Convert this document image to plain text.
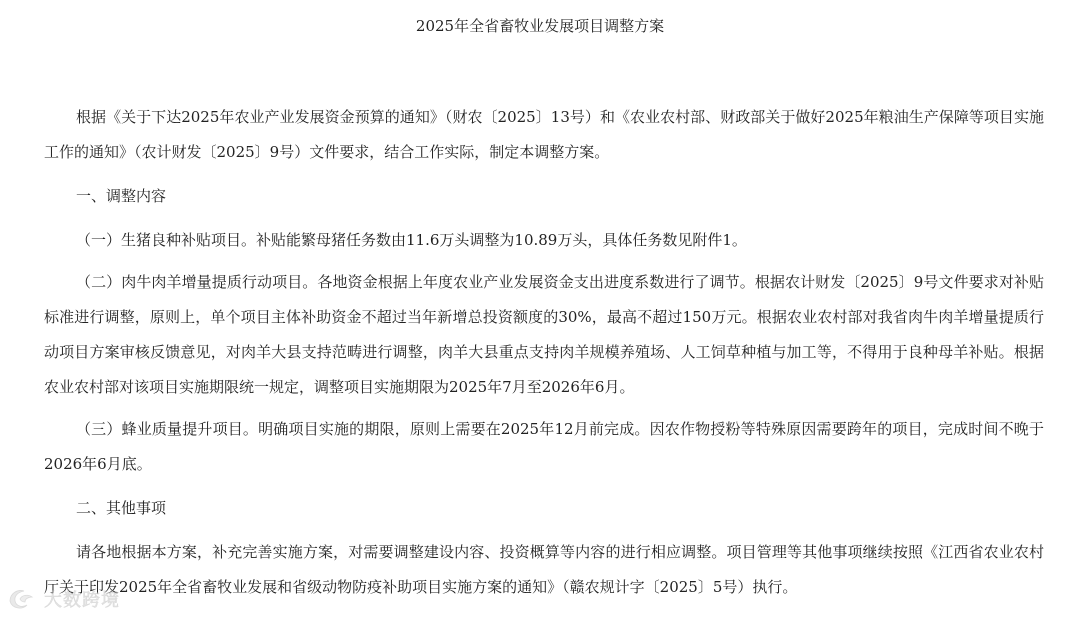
2025年全省畜牧业发展项目调整方案

根据《关于下达2025年农业产业发展资金预算的通知》（财农〔2025〕13号）和《农业农村部、财政部关于做好2025年粮油生产保障等项目实施工作的通知》（农计财发〔2025〕9号）文件要求，结合工作实际，制定本调整方案。

一、调整内容

（一）生猪良种补贴项目。补贴能繁母猪任务数由11.6万头调整为10.89万头，具体任务数见附件1。

（二）肉牛肉羊增量提质行动项目。各地资金根据上年度农业产业发展资金支出进度系数进行了调节。根据农计财发〔2025〕9号文件要求对补贴标准进行调整，原则上，单个项目主体补助资金不超过当年新增总投资额度的30%，最高不超过150万元。根据农业农村部对我省肉牛肉羊增量提质行动项目方案审核反馈意见，对肉羊大县支持范畴进行调整，肉羊大县重点支持肉羊规模养殖场、人工饲草种植与加工等，不得用于良种母羊补贴。根据农业农村部对该项目实施期限统一规定，调整项目实施期限为2025年7月至2026年6月。

（三）蜂业质量提升项目。明确项目实施的期限，原则上需要在2025年12月前完成。因农作物授粉等特殊原因需要跨年的项目，完成时间不晚于2026年6月底。

二、其他事项

请各地根据本方案，补充完善实施方案，对需要调整建设内容、投资概算等内容的进行相应调整。项目管理等其他事项继续按照《江西省农业农村厅关于印发2025年全省畜牧业发展和省级动物防疫补助项目实施方案的通知》（赣农规计字〔2025〕5号）执行。

大数跨境
